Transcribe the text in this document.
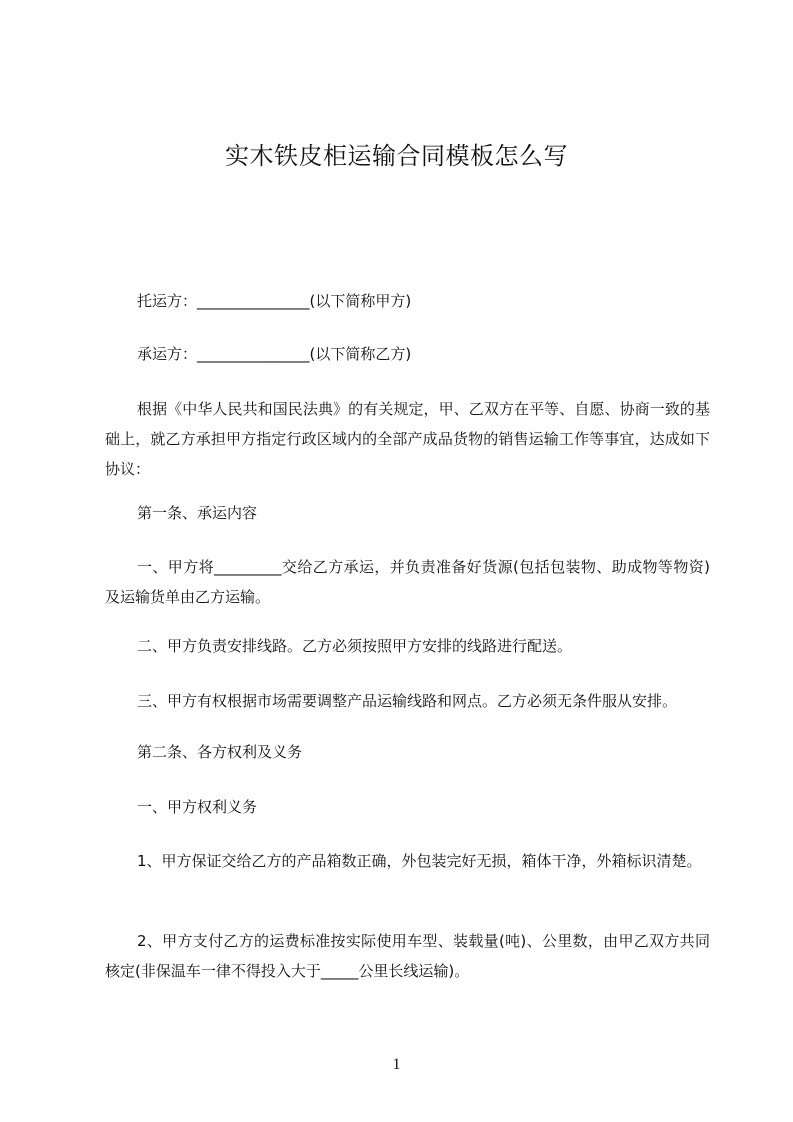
实木铁皮柜运输合同模板怎么写
托运方：_______________(以下简称甲方)
承运方：_______________(以下简称乙方)
根据《中华人民共和国民法典》的有关规定，甲、乙双方在平等、自愿、协商一致的基础上，就乙方承担甲方指定行政区域内的全部产成品货物的销售运输工作等事宜，达成如下协议：
第一条、承运内容
一、甲方将_________交给乙方承运，并负责准备好货源(包括包装物、助成物等物资)及运输货单由乙方运输。
二、甲方负责安排线路。乙方必须按照甲方安排的线路进行配送。
三、甲方有权根据市场需要调整产品运输线路和网点。乙方必须无条件服从安排。
第二条、各方权利及义务
一、甲方权利义务
1、甲方保证交给乙方的产品箱数正确，外包装完好无损，箱体干净，外箱标识清楚。
2、甲方支付乙方的运费标准按实际使用车型、装载量(吨)、公里数，由甲乙双方共同核定(非保温车一律不得投入大于_____公里长线运输)。
1
